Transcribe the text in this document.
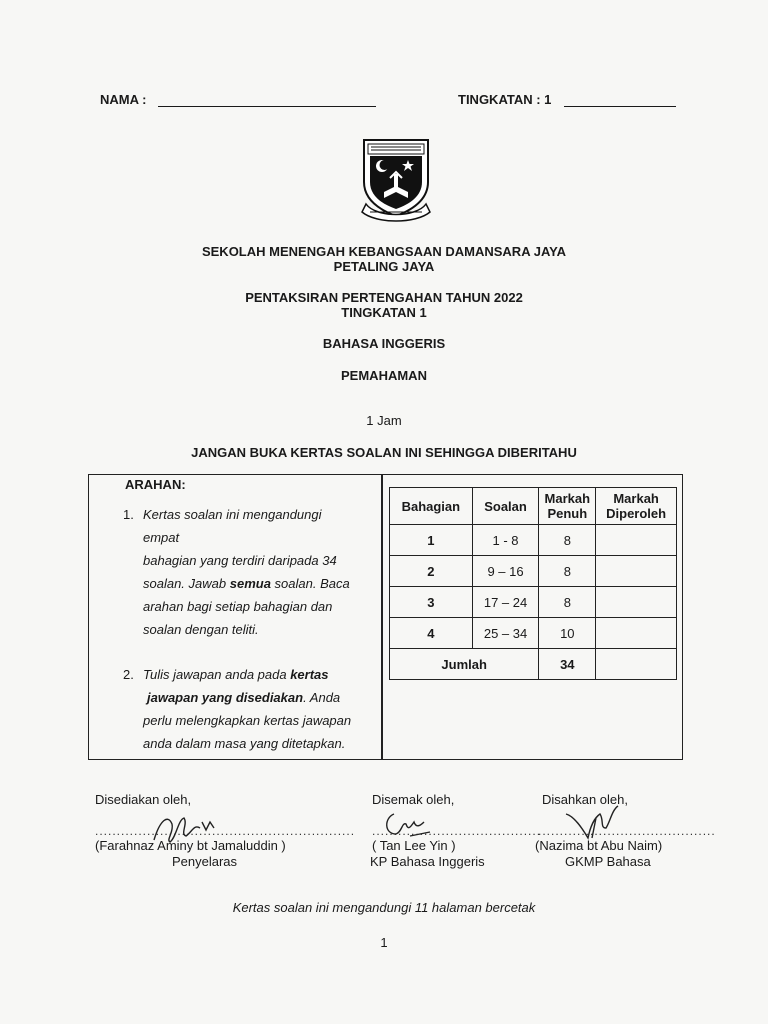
NAMA :	TINGKATAN : 1
SEKOLAH MENENGAH KEBANGSAAN DAMANSARA JAYA
PETALING JAYA
PENTAKSIRAN PERTENGAHAN TAHUN 2022
TINGKATAN 1
BAHASA INGGERIS
PEMAHAMAN
1 Jam
JANGAN BUKA KERTAS SOALAN INI SEHINGGA DIBERITAHU
ARAHAN:
1. Kertas soalan ini mengandungi
empat
bahagian yang terdiri daripada 34
soalan. Jawab semua soalan. Baca
arahan bagi setiap bahagian dan
soalan dengan teliti.
2. Tulis jawapan anda pada kertas
jawapan yang disediakan. Anda
perlu melengkapkan kertas jawapan
anda dalam masa yang ditetapkan.
Bahagian	Soalan	Markah Penuh	Markah Diperoleh
1	1 - 8	8	
2	9 – 16	8	
3	17 – 24	8	
4	25 – 34	10	
Jumlah		34	
Disediakan oleh,
............................................................
(Farahnaz Aminy bt Jamaluddin )
Penyelaras
Disemak oleh,
.......................................
( Tan Lee Yin )
KP Bahasa Inggeris
Disahkan oleh,
.........................................
(Nazima bt Abu Naim)
GKMP Bahasa
Kertas soalan ini mengandungi 11 halaman bercetak
1
